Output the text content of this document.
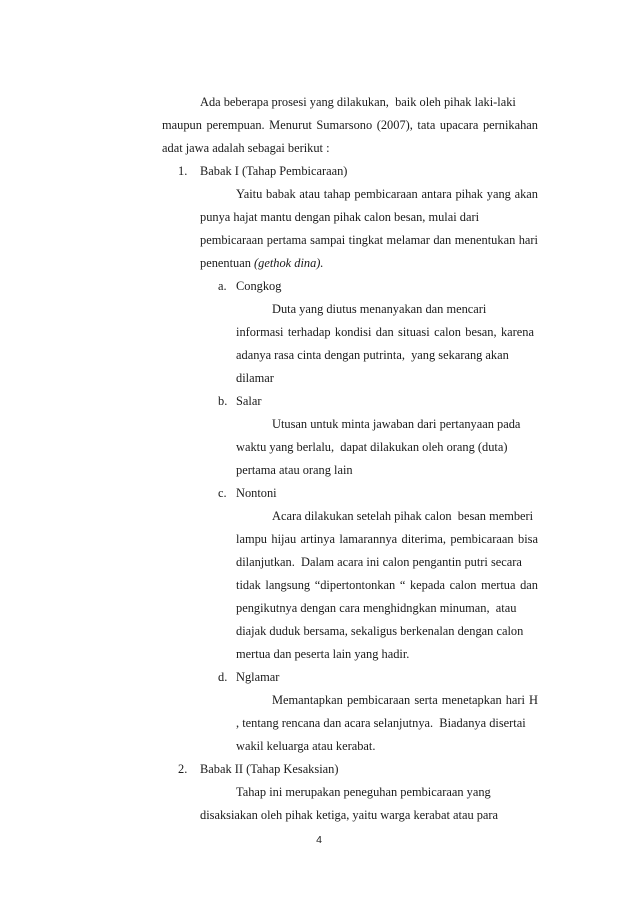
Ada beberapa prosesi yang dilakukan,  baik oleh pihak laki-laki

maupun perempuan. Menurut Sumarsono (2007), tata upacara pernikahan

adat jawa adalah sebagai berikut :

1. Babak I (Tahap Pembicaraan)

Yaitu babak atau tahap pembicaraan antara pihak yang akan

punya hajat mantu dengan pihak calon besan, mulai dari

pembicaraan pertama sampai tingkat melamar dan menentukan hari

penentuan (gethok dina).

a. Congkog

Duta yang diutus menanyakan dan mencari

informasi terhadap kondisi dan situasi calon besan, karena

adanya rasa cinta dengan putrinta,  yang sekarang akan

dilamar

b. Salar

Utusan untuk minta jawaban dari pertanyaan pada

waktu yang berlalu,  dapat dilakukan oleh orang (duta)

pertama atau orang lain

c. Nontoni

Acara dilakukan setelah pihak calon  besan memberi

lampu hijau artinya lamarannya diterima, pembicaraan bisa

dilanjutkan.  Dalam acara ini calon pengantin putri secara

tidak langsung “dipertontonkan “ kepada calon mertua dan

pengikutnya dengan cara menghidngkan minuman,  atau

diajak duduk bersama, sekaligus berkenalan dengan calon

mertua dan peserta lain yang hadir.

d. Nglamar

Memantapkan pembicaraan serta menetapkan hari H

, tentang rencana dan acara selanjutnya.  Biadanya disertai

wakil keluarga atau kerabat.

2. Babak II (Tahap Kesaksian)

Tahap ini merupakan peneguhan pembicaraan yang

disaksiakan oleh pihak ketiga, yaitu warga kerabat atau para

4
